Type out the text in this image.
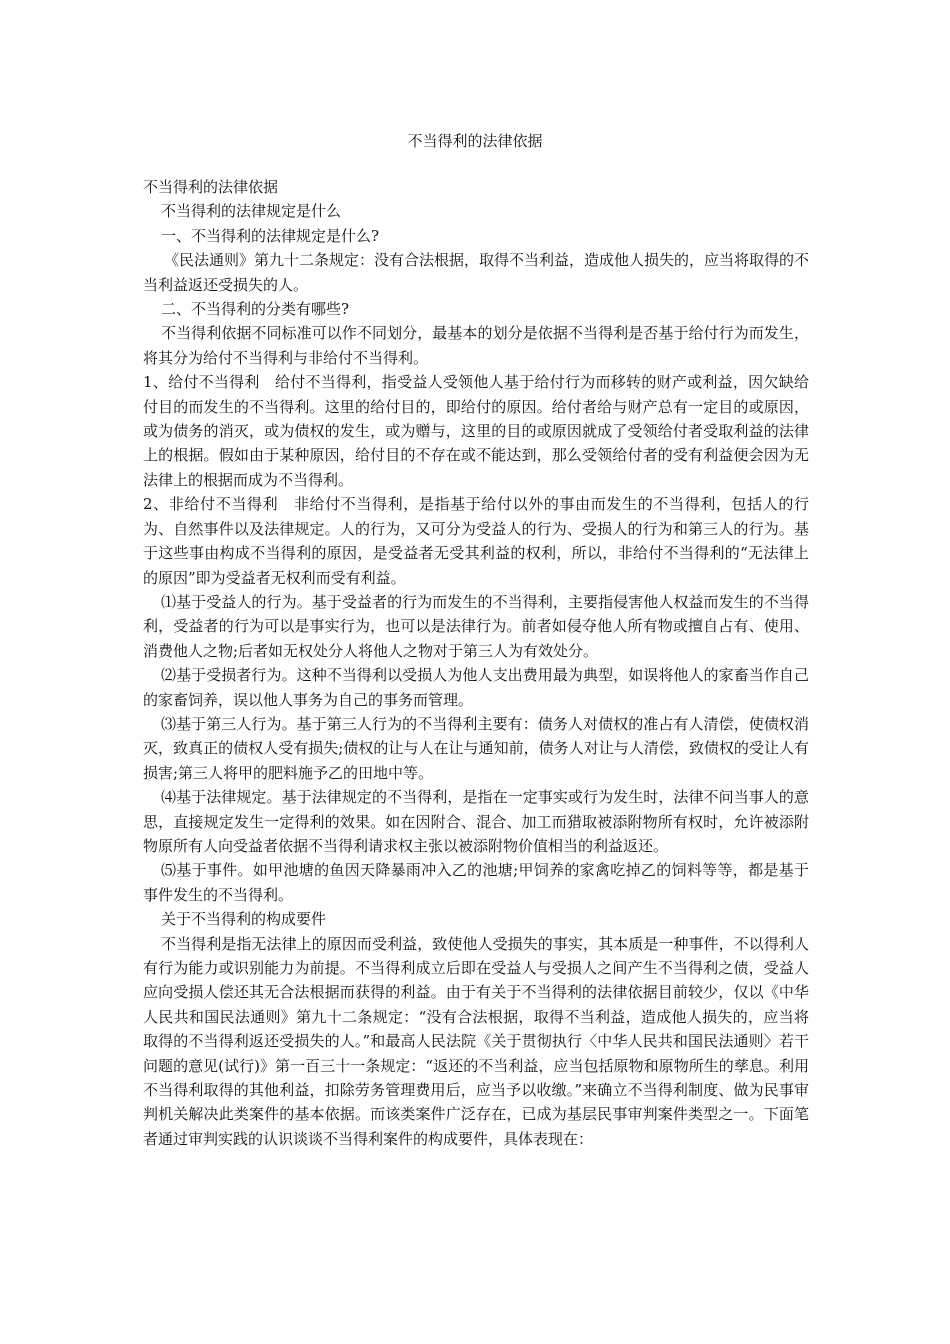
不当得利的法律依据

不当得利的法律依据

不当得利的法律规定是什么

一、不当得利的法律规定是什么?

《民法通则》第九十二条规定：没有合法根据，取得不当利益，造成他人损失的，应当将取得的不当利益返还受损失的人。

二、不当得利的分类有哪些?

不当得利依据不同标准可以作不同划分，最基本的划分是依据不当得利是否基于给付行为而发生，将其分为给付不当得利与非给付不当得利。

1、给付不当得利　给付不当得利，指受益人受领他人基于给付行为而移转的财产或利益，因欠缺给付目的而发生的不当得利。这里的给付目的，即给付的原因。给付者给与财产总有一定目的或原因，或为债务的消灭，或为债权的发生，或为赠与，这里的目的或原因就成了受领给付者受取利益的法律上的根据。假如由于某种原因，给付目的不存在或不能达到，那么受领给付者的受有利益便会因为无法律上的根据而成为不当得利。

2、非给付不当得利　非给付不当得利，是指基于给付以外的事由而发生的不当得利，包括人的行为、自然事件以及法律规定。人的行为，又可分为受益人的行为、受损人的行为和第三人的行为。基于这些事由构成不当得利的原因，是受益者无受其利益的权利，所以，非给付不当得利的“无法律上的原因”即为受益者无权利而受有利益。

⑴基于受益人的行为。基于受益者的行为而发生的不当得利，主要指侵害他人权益而发生的不当得利，受益者的行为可以是事实行为，也可以是法律行为。前者如侵夺他人所有物或擅自占有、使用、消费他人之物;后者如无权处分人将他人之物对于第三人为有效处分。

⑵基于受损者行为。这种不当得利以受损人为他人支出费用最为典型，如误将他人的家畜当作自己的家畜饲养，误以他人事务为自己的事务而管理。

⑶基于第三人行为。基于第三人行为的不当得利主要有：债务人对债权的准占有人清偿，使债权消灭，致真正的债权人受有损失;债权的让与人在让与通知前，债务人对让与人清偿，致债权的受让人有损害;第三人将甲的肥料施予乙的田地中等。

⑷基于法律规定。基于法律规定的不当得利，是指在一定事实或行为发生时，法律不问当事人的意思，直接规定发生一定得利的效果。如在因附合、混合、加工而猎取被添附物所有权时，允许被添附物原所有人向受益者依据不当得利请求权主张以被添附物价值相当的利益返还。

⑸基于事件。如甲池塘的鱼因天降暴雨冲入乙的池塘;甲饲养的家禽吃掉乙的饲料等等，都是基于事件发生的不当得利。

关于不当得利的构成要件

不当得利是指无法律上的原因而受利益，致使他人受损失的事实，其本质是一种事件，不以得利人有行为能力或识别能力为前提。不当得利成立后即在受益人与受损人之间产生不当得利之债，受益人应向受损人偿还其无合法根据而获得的利益。由于有关于不当得利的法律依据目前较少，仅以《中华人民共和国民法通则》第九十二条规定：“没有合法根据，取得不当利益，造成他人损失的，应当将取得的不当得利返还受损失的人。”和最高人民法院《关于贯彻执行〈中华人民共和国民法通则〉若干问题的意见(试行)》第一百三十一条规定：“返还的不当利益，应当包括原物和原物所生的孳息。利用不当得利取得的其他利益，扣除劳务管理费用后，应当予以收缴。”来确立不当得利制度、做为民事审判机关解决此类案件的基本依据。而该类案件广泛存在，已成为基层民事审判案件类型之一。下面笔者通过审判实践的认识谈谈不当得利案件的构成要件，具体表现在：
